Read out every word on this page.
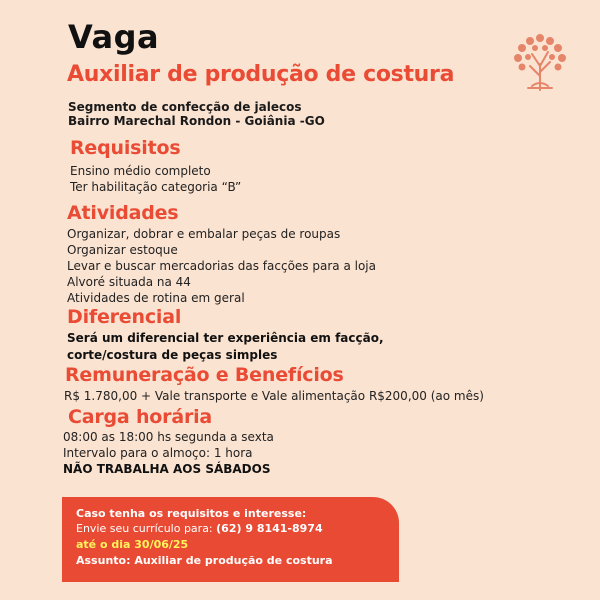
Vaga
Auxiliar de produção de costura
Segmento de confecção de jalecos
Bairro Marechal Rondon - Goiânia -GO
Requisitos
Ensino médio completo
Ter habilitação categoria “B”
Atividades
Organizar, dobrar e embalar peças de roupas
Organizar estoque
Levar e buscar mercadorias das facções para a loja
Alvoré situada na 44
Atividades de rotina em geral
Diferencial
Será um diferencial ter experiência em facção,
corte/costura de peças simples
Remuneração e Benefícios
R$ 1.780,00 + Vale transporte e Vale alimentação R$200,00 (ao mês)
Carga horária
08:00 as 18:00 hs segunda a sexta
Intervalo para o almoço: 1 hora
NÃO TRABALHA AOS SÁBADOS
Caso tenha os requisitos e interesse:
Envie seu currículo para: (62) 9 8141-8974
até o dia 30/06/25
Assunto: Auxiliar de produção de costura
